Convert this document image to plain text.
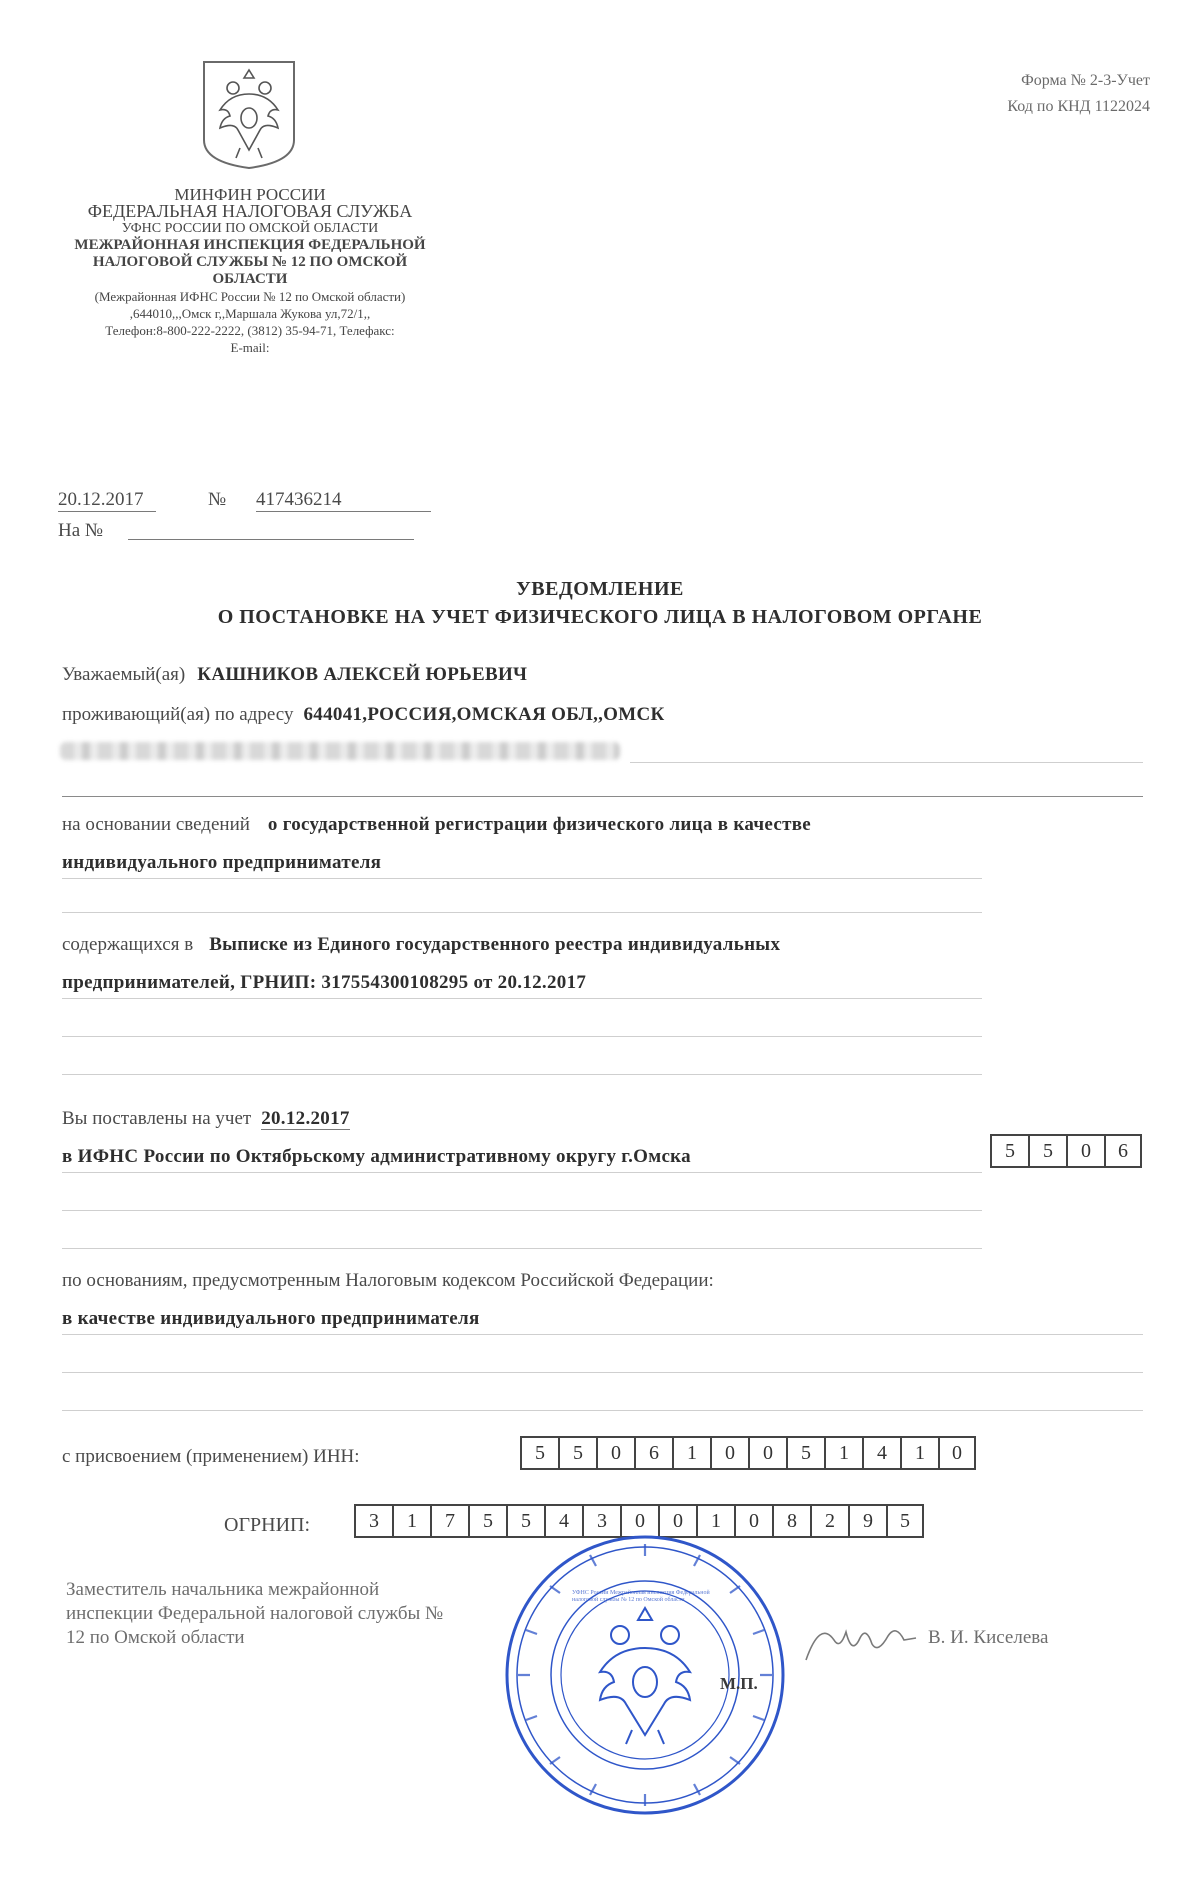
МИНФИН РОССИИ
ФЕДЕРАЛЬНАЯ НАЛОГОВАЯ СЛУЖБА
УФНС РОССИИ ПО ОМСКОЙ ОБЛАСТИ
МЕЖРАЙОННАЯ ИНСПЕКЦИЯ ФЕДЕРАЛЬНОЙ
НАЛОГОВОЙ СЛУЖБЫ № 12 ПО ОМСКОЙ
ОБЛАСТИ
(Межрайонная ИФНС России № 12 по Омской области)
,644010,,,Омск г,,Маршала Жукова ул,72/1,,
Телефон:8-800-222-2222, (3812) 35-94-71, Телефакс:
E-mail:
Форма № 2-3-Учет
Код по КНД 1122024
20.12.2017	№ 417436214
На №
УВЕДОМЛЕНИЕ
О ПОСТАНОВКЕ НА УЧЕТ ФИЗИЧЕСКОГО ЛИЦА В НАЛОГОВОМ ОРГАНЕ
Уважаемый(ая) КАШНИКОВ АЛЕКСЕЙ ЮРЬЕВИЧ
проживающий(ая) по адресу 644041,РОССИЯ,ОМСКАЯ ОБЛ,,ОМСК
на основании сведений о государственной регистрации физического лица в качестве
индивидуального предпринимателя
содержащихся в Выписке из Единого государственного реестра индивидуальных
предпринимателей, ГРНИП: 317554300108295 от 20.12.2017
Вы поставлены на учет 20.12.2017
в ИФНС России по Октябрьскому административному округу г.Омска	5	5	0	6
по основаниям, предусмотренным Налоговым кодексом Российской Федерации:
в качестве индивидуального предпринимателя
с присвоением (применением) ИНН:	5	5	0	6	1	0	0	5	1	4	1	0
ОГРНИП:	3	1	7	5	5	4	3	0	0	1	0	8	2	9	5
Заместитель начальника межрайонной
инспекции Федеральной налоговой службы №
12 по Омской области
УФНС России Межрайонная инспекция Федеральной налоговой службы № 12 по Омской области
В. И. Киселева
М.П.
